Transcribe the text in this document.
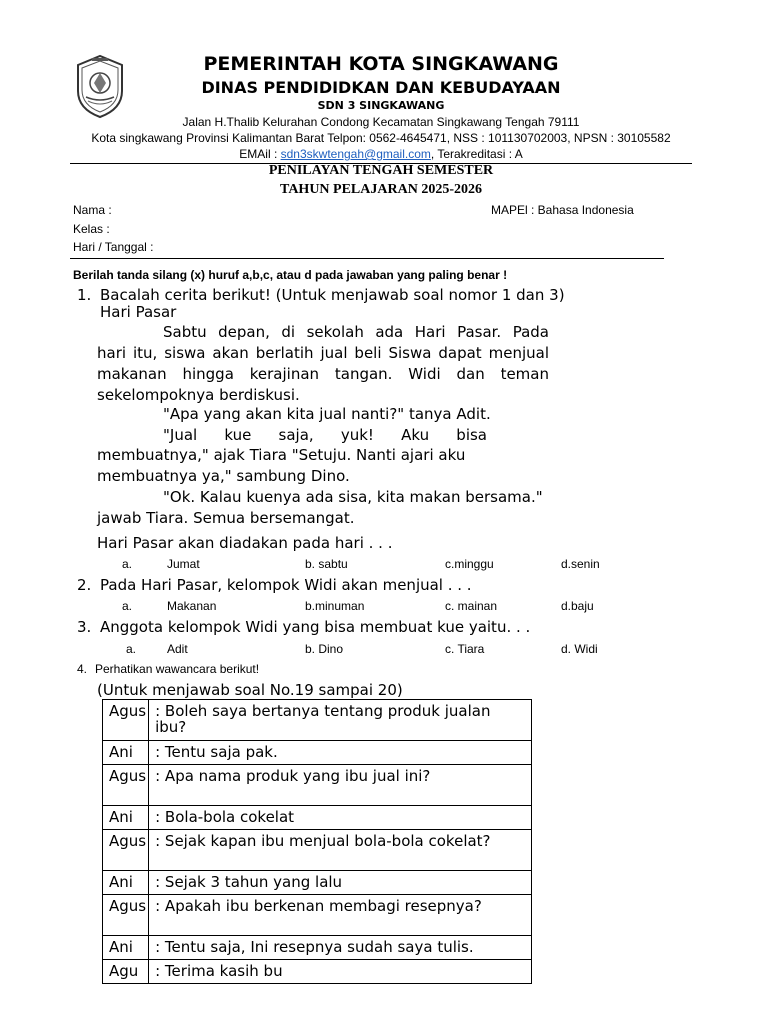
PEMERINTAH KOTA SINGKAWANG
DINAS PENDIDIDKAN DAN KEBUDAYAAN
SDN 3 SINGKAWANG
Jalan H.Thalib Kelurahan Condong Kecamatan Singkawang Tengah 79111
Kota singkawang Provinsi Kalimantan Barat Telpon: 0562-4645471, NSS : 101130702003, NPSN : 30105582
EMAil : sdn3skwtengah@gmail.com, Terakreditasi : A
PENILAYAN TENGAH SEMESTER
TAHUN PELAJARAN 2025-2026
Nama :
Kelas :
Hari / Tanggal :
MAPEl : Bahasa Indonesia
Berilah tanda silang (x) huruf a,b,c, atau d pada jawaban yang paling benar !
1. Bacalah cerita berikut! (Untuk menjawab soal nomor 1 dan 3)
Hari Pasar
Sabtu depan, di sekolah ada Hari Pasar. Pada
hari itu, siswa akan berlatih jual beli Siswa dapat menjual
makanan hingga kerajinan tangan. Widi dan teman
sekelompoknya berdiskusi.
"Apa yang akan kita jual nanti?" tanya Adit.
"Jual kue saja, yuk! Aku bisa
membuatnya," ajak Tiara "Setuju. Nanti ajari aku
membuatnya ya," sambung Dino.
"Ok. Kalau kuenya ada sisa, kita makan bersama."
jawab Tiara. Semua bersemangat.
Hari Pasar akan diadakan pada hari . . .
a.	Jumat	b. sabtu	c.minggu	d.senin
2. Pada Hari Pasar, kelompok Widi akan menjual . . .
a.	Makanan	b.minuman	c. mainan	d.baju
3. Anggota kelompok Widi yang bisa membuat kue yaitu. . .
a.	Adit	b. Dino	c. Tiara	d. Widi
4. Perhatikan wawancara berikut!
(Untuk menjawab soal No.19 sampai 20)
Agus	: Boleh saya bertanya tentang produk jualan ibu?
Ani	: Tentu saja pak.
Agus	: Apa nama produk yang ibu jual ini?
Ani	: Bola-bola cokelat
Agus	: Sejak kapan ibu menjual bola-bola cokelat?
Ani	: Sejak 3 tahun yang lalu
Agus	: Apakah ibu berkenan membagi resepnya?
Ani	: Tentu saja, Ini resepnya sudah saya tulis.
Agu	: Terima kasih bu
